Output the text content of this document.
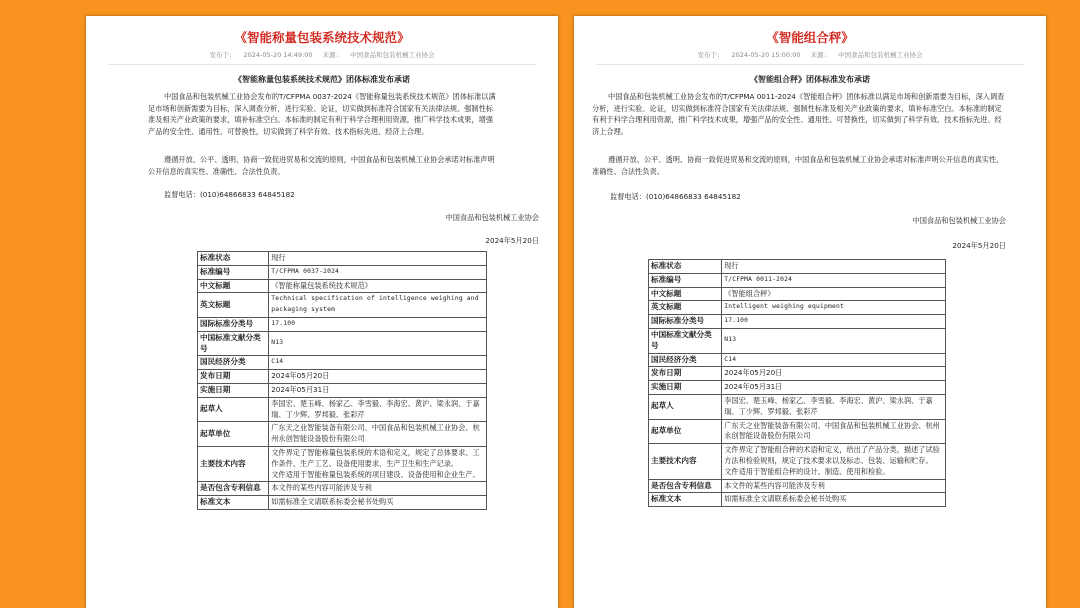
《智能称量包装系统技术规范》
发布于： 2024-05-20 14:49:00 来源： 中国食品和包装机械工业协会
《智能称量包装系统技术规范》团体标准发布承诺

中国食品和包装机械工业协会发布的T/CFPMA 0037-2024《智能称量包装系统技术规范》团体标准以满足市场和创新需要为目标，深入调查分析，进行实验、论证，切实做到标准符合国家有关法律法规、强制性标准及相关产业政策的要求，填补标准空白。本标准的制定有利于科学合理利用资源，推广科学技术成果，增强产品的安全性、通用性、可替换性，切实做到了科学有效、技术指标先进、经济上合理。

遵循开放、公平、透明、协商一致促进贸易和交流的原则，中国食品和包装机械工业协会承诺对标准声明公开信息的真实性、准确性、合法性负责。

监督电话：(010)64866833 64845182
中国食品和包装机械工业协会
2024年5月20日
标准状态	现行
标准编号	T/CFPMA 0037-2024
中文标题	《智能称量包装系统技术规范》
英文标题	Technical specification of intelligence weighing and packaging system
国际标准分类号	17.100
中国标准文献分类号	N13
国民经济分类	C14
发布日期	2024年05月20日
实施日期	2024年05月31日
起草人	李国宏、楚玉峰、杨家乙、李雪毅、李海宏、黄沪、梁永润、于嘉瑞、丁少辉、罗邦毅、张彩芹
起草单位	广东天之业智能装备有限公司、中国食品和包装机械工业协会、杭州永创智能设备股份有限公司
主要技术内容	文件界定了智能称量包装系统的术语和定义，规定了总体要求、工作条件、生产工艺、设备使用要求、生产卫生和生产记录。
文件适用于智能称量包装系统的项目建设、设备使用和企业生产。
是否包含专利信息	本文件的某些内容可能涉及专利
标准文本	如需标准全文请联系标委会秘书处购买
《智能组合秤》
发布于： 2024-05-20 15:00:00 来源： 中国食品和包装机械工业协会
《智能组合秤》团体标准发布承诺

中国食品和包装机械工业协会发布的T/CFPMA 0011-2024《智能组合秤》团体标准以满足市场和创新需要为目标，深入调查分析，进行实验、论证，切实做到标准符合国家有关法律法规、强制性标准及相关产业政策的要求，填补标准空白。本标准的制定有利于科学合理利用资源，推广科学技术成果，增强产品的安全性、通用性、可替换性，切实做到了科学有效、技术指标先进、经济上合理。

遵循开放、公平、透明、协商一致促进贸易和交流的原则，中国食品和包装机械工业协会承诺对标准声明公开信息的真实性、准确性、合法性负责。

监督电话：(010)64866833 64845182
中国食品和包装机械工业协会
2024年5月20日
标准状态	现行
标准编号	T/CFPMA 0011-2024
中文标题	《智能组合秤》
英文标题	Intelligent weighing equipment
国际标准分类号	17.100
中国标准文献分类号	N13
国民经济分类	C14
发布日期	2024年05月20日
实施日期	2024年05月31日
起草人	李国宏、楚玉峰、杨家乙、李雪毅、李海宏、黄沪、梁永润、于嘉瑞、丁少辉、罗邦毅、张彩芹
起草单位	广东天之业智能装备有限公司、中国食品和包装机械工业协会、杭州永创智能设备股份有限公司
主要技术内容	文件界定了智能组合秤的术语和定义，给出了产品分类，描述了试验方法和检验规则，规定了技术要求以及标志、包装、运输和贮存。
文件适用于智能组合秤的设计、制造、使用和检验。
是否包含专利信息	本文件的某些内容可能涉及专利
标准文本	如需标准全文请联系标委会秘书处购买
